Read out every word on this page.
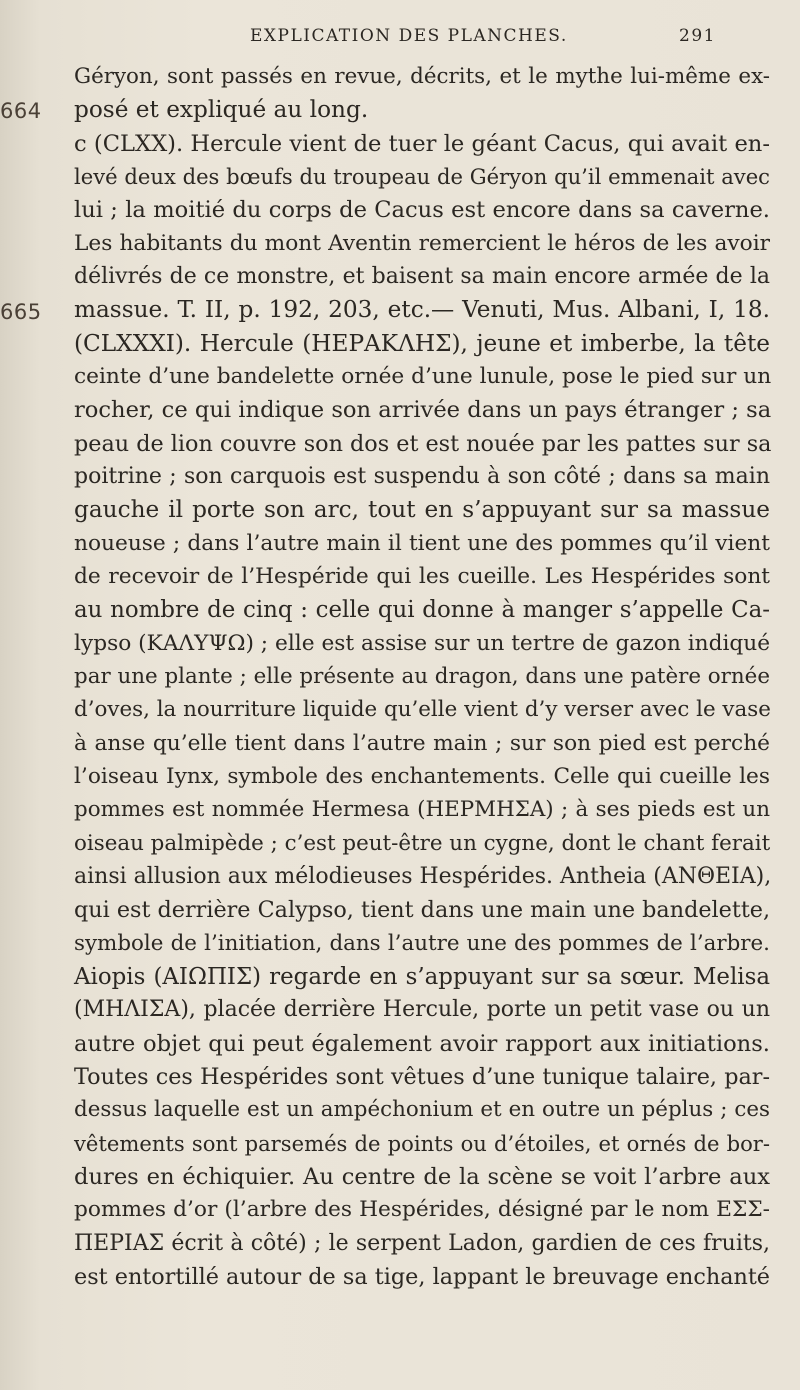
EXPLICATION DES PLANCHES.	291
664
665
Géryon, sont passés en revue, décrits, et le mythe lui-même ex-
posé et expliqué au long.
c (CLXX). Hercule vient de tuer le géant Cacus, qui avait en-
levé deux des bœufs du troupeau de Géryon qu’il emmenait avec
lui ; la moitié du corps de Cacus est encore dans sa caverne.
Les habitants du mont Aventin remercient le héros de les avoir
délivrés de ce monstre, et baisent sa main encore armée de la
massue. T. II, p. 192, 203, etc.— Venuti, Mus. Albani, I, 18.
(CLXXXI). Hercule (ΗΕΡΑΚΛΗΣ), jeune et imberbe, la tête
ceinte d’une bandelette ornée d’une lunule, pose le pied sur un
rocher, ce qui indique son arrivée dans un pays étranger ; sa
peau de lion couvre son dos et est nouée par les pattes sur sa
poitrine ; son carquois est suspendu à son côté ; dans sa main
gauche il porte son arc, tout en s’appuyant sur sa massue
noueuse ; dans l’autre main il tient une des pommes qu’il vient
de recevoir de l’Hespéride qui les cueille. Les Hespérides sont
au nombre de cinq : celle qui donne à manger s’appelle Ca-
lypso (ΚΑΛΥΨΩ) ; elle est assise sur un tertre de gazon indiqué
par une plante ; elle présente au dragon, dans une patère ornée
d’oves, la nourriture liquide qu’elle vient d’y verser avec le vase
à anse qu’elle tient dans l’autre main ; sur son pied est perché
l’oiseau Iynx, symbole des enchantements. Celle qui cueille les
pommes est nommée Hermesa (ΗΕΡΜΗΣΑ) ; à ses pieds est un
oiseau palmipède ; c’est peut-être un cygne, dont le chant ferait
ainsi allusion aux mélodieuses Hespérides. Antheia (ΑΝΘΕΙΑ),
qui est derrière Calypso, tient dans une main une bandelette,
symbole de l’initiation, dans l’autre une des pommes de l’arbre.
Aiopis (ΑΙΩΠΙΣ) regarde en s’appuyant sur sa sœur. Melisa
(ΜΗΛΙΣΑ), placée derrière Hercule, porte un petit vase ou un
autre objet qui peut également avoir rapport aux initiations.
Toutes ces Hespérides sont vêtues d’une tunique talaire, par-
dessus laquelle est un ampéchonium et en outre un péplus ; ces
vêtements sont parsemés de points ou d’étoiles, et ornés de bor-
dures en échiquier. Au centre de la scène se voit l’arbre aux
pommes d’or (l’arbre des Hespérides, désigné par le nom ΕΣΣ-
ΠΕΡΙΑΣ écrit à côté) ; le serpent Ladon, gardien de ces fruits,
est entortillé autour de sa tige, lappant le breuvage enchanté
